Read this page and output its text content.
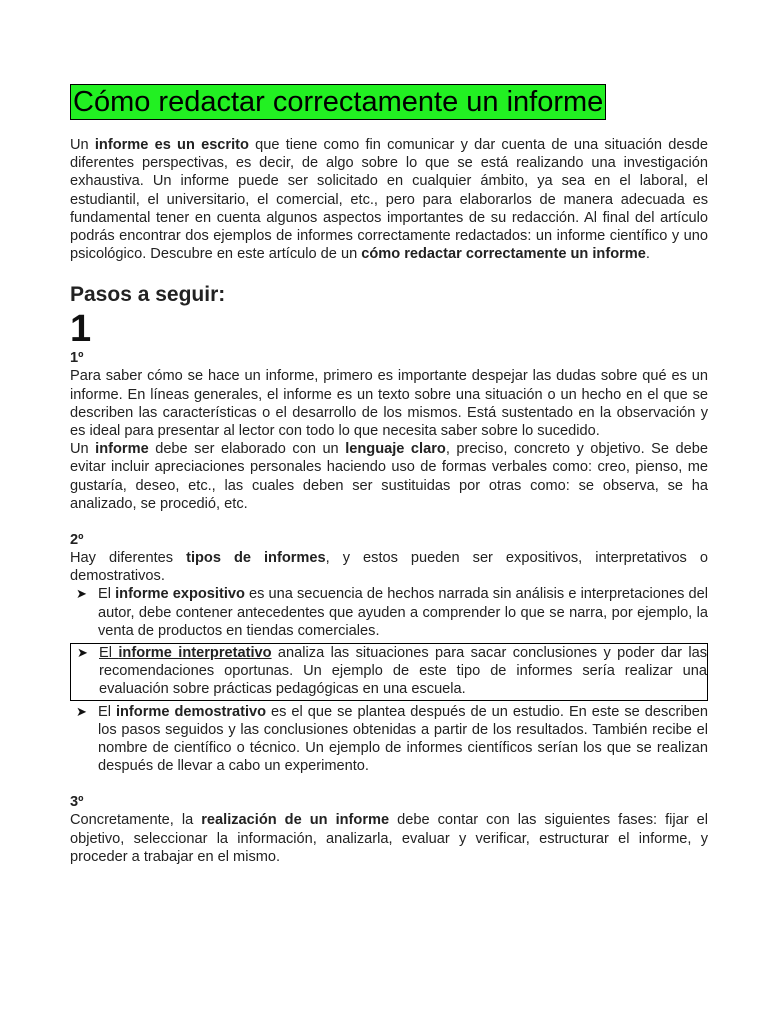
Cómo redactar correctamente un informe

Un informe es un escrito que tiene como fin comunicar y dar cuenta de una situación desde diferentes perspectivas, es decir, de algo sobre lo que se está realizando una investigación exhaustiva. Un informe puede ser solicitado en cualquier ámbito, ya sea en el laboral, el estudiantil, el universitario, el comercial, etc., pero para elaborarlos de manera adecuada es fundamental tener en cuenta algunos aspectos importantes de su redacción. Al final del artículo podrás encontrar dos ejemplos de informes correctamente redactados: un informe científico y uno psicológico. Descubre en este artículo de un cómo redactar correctamente un informe.

Pasos a seguir:
1
1º

Para saber cómo se hace un informe, primero es importante despejar las dudas sobre qué es un informe. En líneas generales, el informe es un texto sobre una situación o un hecho en el que se describen las características o el desarrollo de los mismos. Está sustentado en la observación y es ideal para presentar al lector con todo lo que necesita saber sobre lo sucedido.

Un informe debe ser elaborado con un lenguaje claro, preciso, concreto y objetivo. Se debe evitar incluir apreciaciones personales haciendo uso de formas verbales como: creo, pienso, me gustaría, deseo, etc., las cuales deben ser sustituidas por otras como: se observa, se ha analizado, se procedió, etc.

2º

Hay diferentes tipos de informes, y estos pueden ser expositivos, interpretativos o demostrativos.

➤ El informe expositivo es una secuencia de hechos narrada sin análisis e interpretaciones del autor, debe contener antecedentes que ayuden a comprender lo que se narra, por ejemplo, la venta de productos en tiendas comerciales.

➤ El informe interpretativo analiza las situaciones para sacar conclusiones y poder dar las recomendaciones oportunas. Un ejemplo de este tipo de informes sería realizar una evaluación sobre prácticas pedagógicas en una escuela.

➤ El informe demostrativo es el que se plantea después de un estudio. En este se describen los pasos seguidos y las conclusiones obtenidas a partir de los resultados. También recibe el nombre de científico o técnico. Un ejemplo de informes científicos serían los que se realizan después de llevar a cabo un experimento.

3º

Concretamente, la realización de un informe debe contar con las siguientes fases: fijar el objetivo, seleccionar la información, analizarla, evaluar y verificar, estructurar el informe, y proceder a trabajar en el mismo.
